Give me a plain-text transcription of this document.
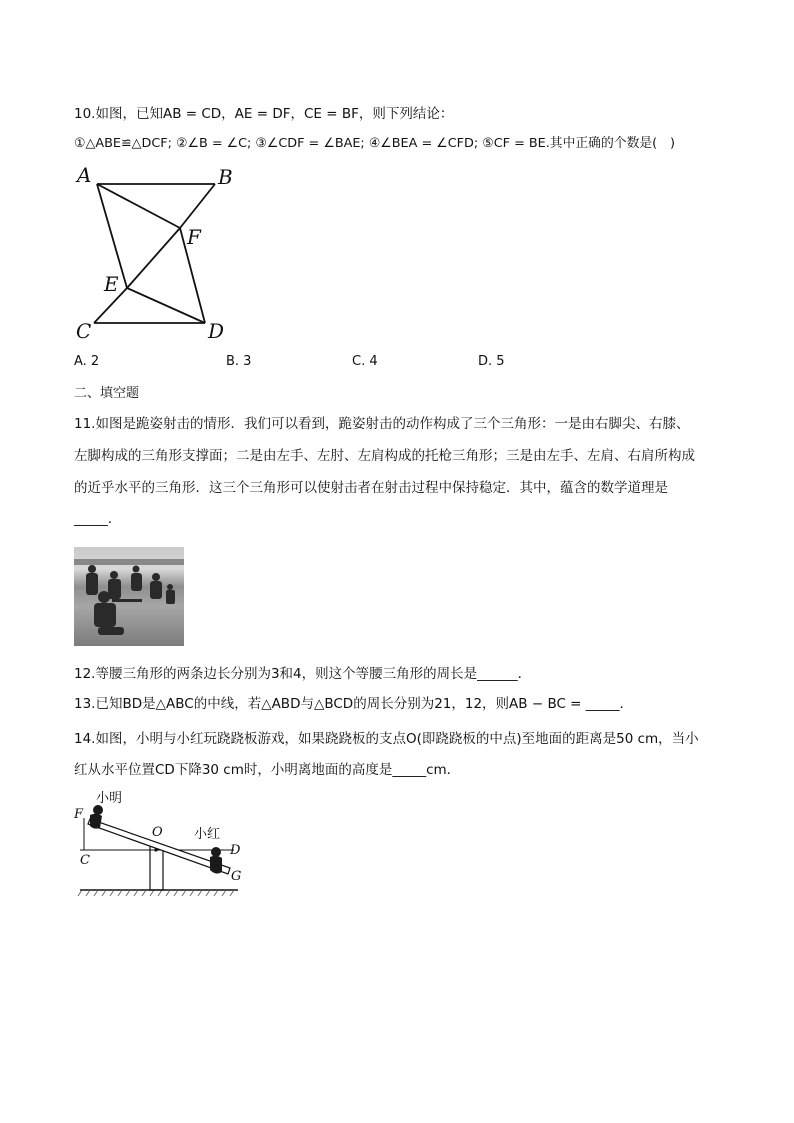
10.如图，已知AB = CD，AE = DF，CE = BF，则下列结论：
①△ABE≌△DCF; ②∠B = ∠C; ③∠CDF = ∠BAE; ④∠BEA = ∠CFD; ⑤CF = BE.其中正确的个数是(　)
A	B
F
E
C	D
A. 2	B. 3	C. 4	D. 5
二、填空题
11.如图是跪姿射击的情形．我们可以看到，跪姿射击的动作构成了三个三角形：一是由右脚尖、右膝、
左脚构成的三角形支撑面；二是由左手、左肘、左肩构成的托枪三角形；三是由左手、左肩、右肩所构成
的近乎水平的三角形．这三个三角形可以使射击者在射击过程中保持稳定．其中，蕴含的数学道理是
_____.
12.等腰三角形的两条边长分别为3和4，则这个等腰三角形的周长是______．
13.已知BD是△ABC的中线，若△ABD与△BCD的周长分别为21，12，则AB − BC = _____．
14.如图，小明与小红玩跷跷板游戏，如果跷跷板的支点O(即跷跷板的中点)至地面的距离是50 cm，当小
红从水平位置CD下降30 cm时，小明离地面的高度是_____cm．
F
O
C
D
G
小明
小红
